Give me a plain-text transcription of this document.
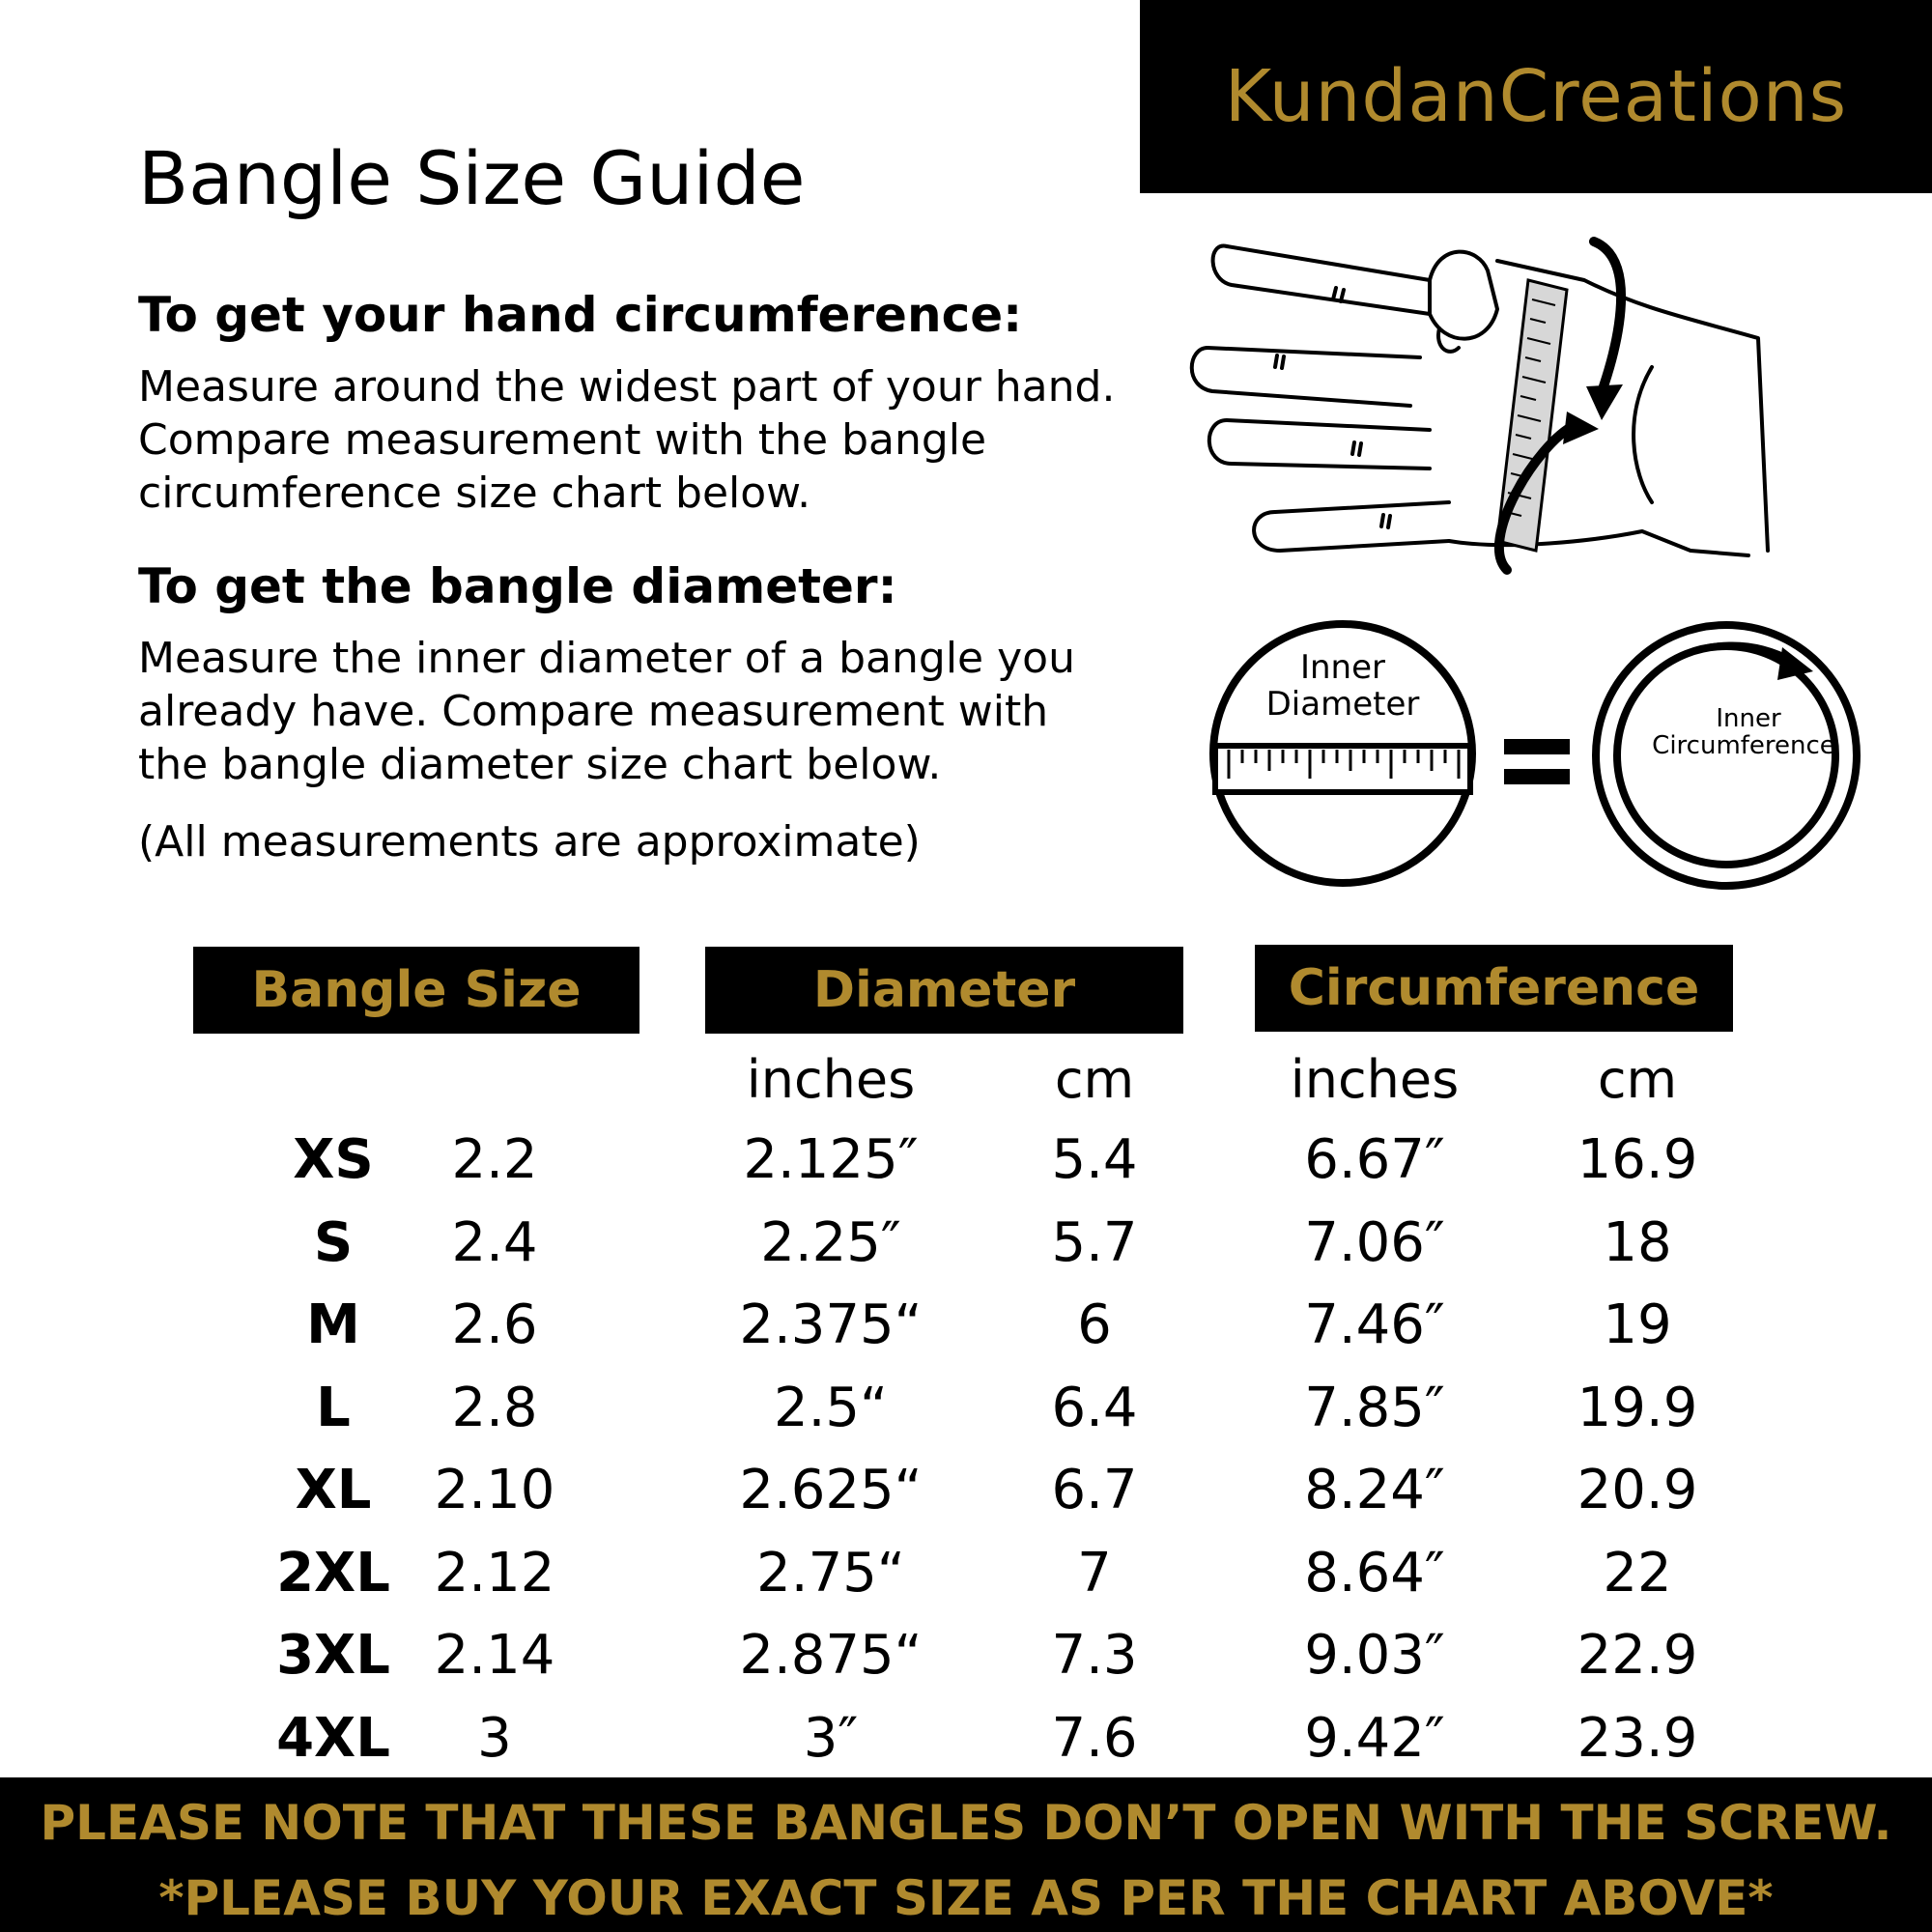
KundanCreations
Bangle Size Guide
To get your hand circumference:
Measure around the widest part of your hand.
Compare measurement with the bangle
circumference size chart below.
To get the bangle diameter:
Measure the inner diameter of a bangle you
already have. Compare measurement with
the bangle diameter size chart below.
(All measurements are approximate)
Inner
Diameter	Inner
Circumference
Bangle Size	Diameter	Circumference
inches	cm	inches	cm
XS	2.2	2.125″	5.4	6.67″	16.9
S	2.4	2.25″	5.7	7.06″	18
M	2.6	2.375“	6	7.46″	19
L	2.8	2.5“	6.4	7.85″	19.9
XL	2.10	2.625“	6.7	8.24″	20.9
2XL 2.12	2.75“	7	8.64″	22
3XL 2.14	2.875“	7.3	9.03″	22.9
4XL	3	3″	7.6	9.42″	23.9
PLEASE NOTE THAT THESE BANGLES DON’T OPEN WITH THE SCREW.
*PLEASE BUY YOUR EXACT SIZE AS PER THE CHART ABOVE*
